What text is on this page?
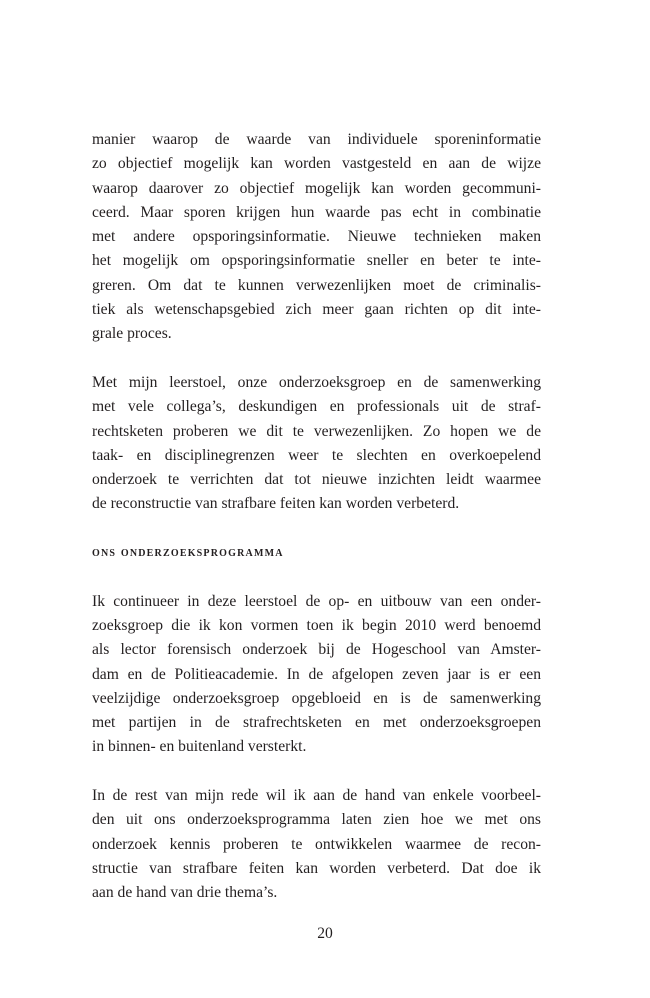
manier waarop de waarde van individuele sporeninformatie
zo objectief mogelijk kan worden vastgesteld en aan de wijze
waarop daarover zo objectief mogelijk kan worden gecommuni-
ceerd. Maar sporen krijgen hun waarde pas echt in combinatie
met andere opsporingsinformatie. Nieuwe technieken maken
het mogelijk om opsporingsinformatie sneller en beter te inte-
greren. Om dat te kunnen verwezenlijken moet de criminalis-
tiek als wetenschapsgebied zich meer gaan richten op dit inte-
grale proces.

Met mijn leerstoel, onze onderzoeksgroep en de samenwerking
met vele collega’s, deskundigen en professionals uit de straf-
rechtsketen proberen we dit te verwezenlijken. Zo hopen we de
taak- en disciplinegrenzen weer te slechten en overkoepelend
onderzoek te verrichten dat tot nieuwe inzichten leidt waarmee
de reconstructie van strafbare feiten kan worden verbeterd.

ons onderzoeksprogramma

Ik continueer in deze leerstoel de op- en uitbouw van een onder-
zoeksgroep die ik kon vormen toen ik begin 2010 werd benoemd
als lector forensisch onderzoek bij de Hogeschool van Amster-
dam en de Politieacademie. In de afgelopen zeven jaar is er een
veelzijdige onderzoeksgroep opgebloeid en is de samenwerking
met partijen in de strafrechtsketen en met onderzoeksgroepen
in binnen- en buitenland versterkt.

In de rest van mijn rede wil ik aan de hand van enkele voorbeel-
den uit ons onderzoeksprogramma laten zien hoe we met ons
onderzoek kennis proberen te ontwikkelen waarmee de recon-
structie van strafbare feiten kan worden verbeterd. Dat doe ik
aan de hand van drie thema’s.

20
